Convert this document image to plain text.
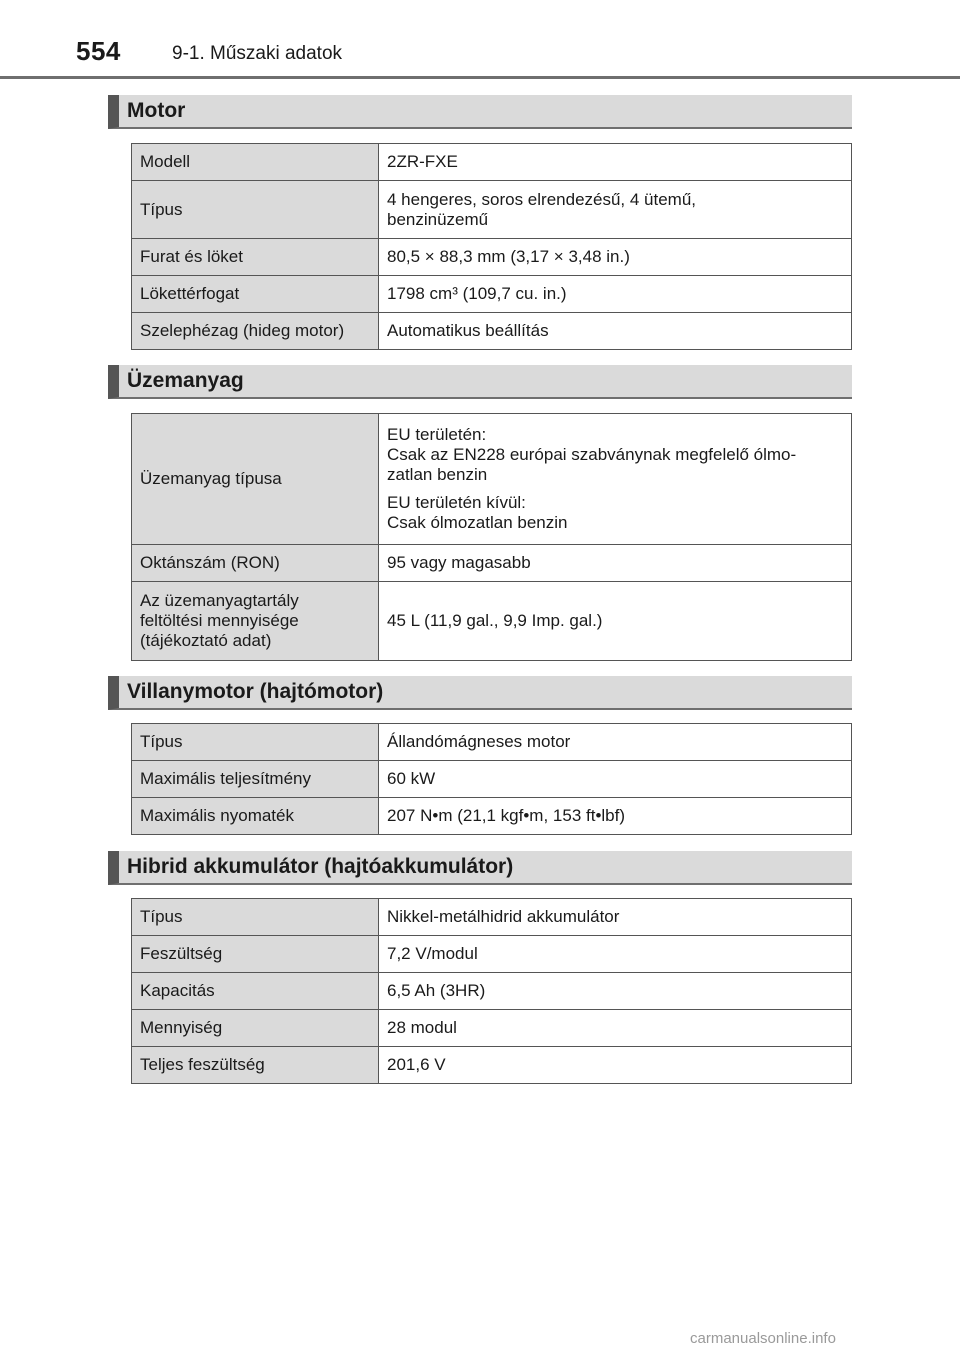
554	9-1. Műszaki adatok
Motor
Modell	2ZR-FXE
Típus	4 hengeres, soros elrendezésű, 4 ütemű, benzinüzemű
Furat és löket	80,5 × 88,3 mm (3,17 × 3,48 in.)
Lökettérfogat	1798 cm³ (109,7 cu. in.)
Szelephézag (hideg motor)	Automatikus beállítás
Üzemanyag
Üzemanyag típusa	EU területén:
Csak az EN228 európai szabványnak megfelelő ólmo-
zatlan benzin
EU területén kívül:
Csak ólmozatlan benzin

Oktánszám (RON)	95 vagy magasabb
Az üzemanyagtartály
feltöltési mennyisége
(tájékoztató adat)	45 L (11,9 gal., 9,9 Imp. gal.)
Villanymotor (hajtómotor)
Típus	Állandómágneses motor
Maximális teljesítmény	60 kW
Maximális nyomaték	207 N•m (21,1 kgf•m, 153 ft•lbf)
Hibrid akkumulátor (hajtóakkumulátor)
Típus	Nikkel-metálhidrid akkumulátor
Feszültség	7,2 V/modul
Kapacitás	6,5 Ah (3HR)
Mennyiség	28 modul
Teljes feszültség	201,6 V
carmanualsonline.info
